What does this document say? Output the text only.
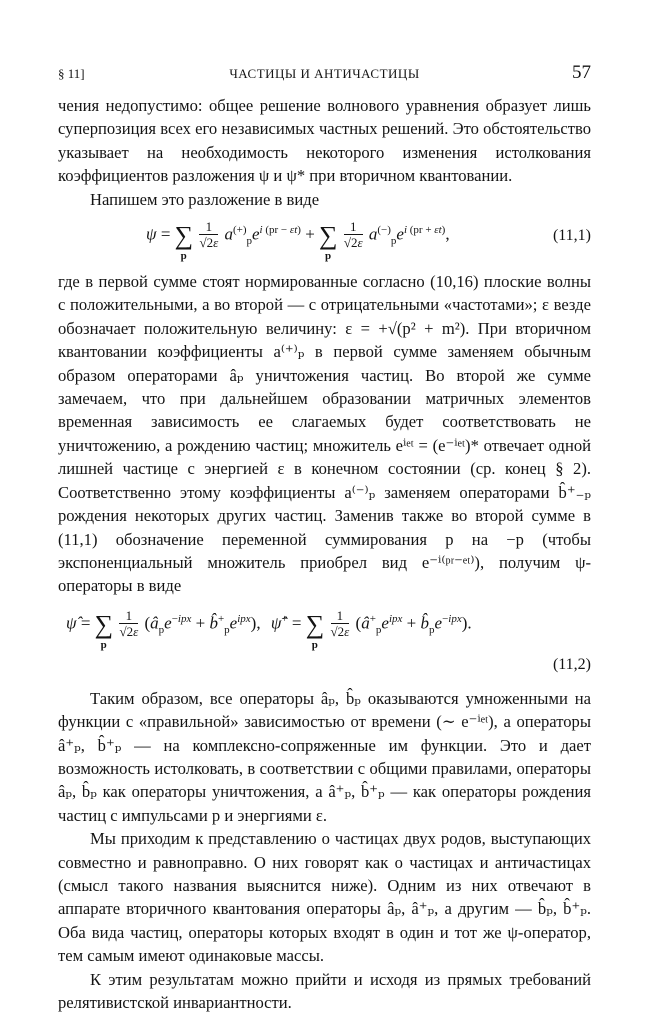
§ 11]	ЧАСТИЦЫ И АНТИЧАСТИЦЫ	57

чения недопустимо: общее решение волнового уравнения образует лишь суперпозиция всех его независимых частных решений. Это обстоятельство указывает на необходимость некоторого изменения истолкования коэффициентов разложения ψ и ψ* при вторичном квантовании.

Напишем это разложение в виде

ψ = ∑
p

$\frac{1}{√2\varepsilon} a^{(+)}_pe^{i (pr - \varepsilon t)}$ + ∑
p

$\frac{1}{√2\varepsilon} a^{(-)}_pe^{i (pr + \varepsilon t)}$,	(11,1)

где в первой сумме стоят нормированные согласно (10,16) плоские волны с положительными, а во второй — с отрицательными «частотами»; ε везде обозначает положительную величину: ε = +√(p² + m²). При вторичном квантовании коэффициенты a⁽⁺⁾ₚ в первой сумме заменяем обычным образом операторами âₚ уничтожения частиц. Во второй же сумме замечаем, что при дальнейшем образовании матричных элементов временная зависимость ее слагаемых будет соответствовать не уничтожению, а рождению частиц; множитель eⁱᵉᵗ = (e⁻ⁱᵉᵗ)* отвечает одной лишней частице с энергией ε в конечном состоянии (ср. конец § 2). Соответственно этому коэффициенты a⁽⁻⁾ₚ заменяем операторами b̂⁺₋ₚ рождения некоторых других частиц. Заменив также во второй сумме в (11,1) обозначение переменной суммирования p на −p (чтобы экспоненциальный множитель приобрел вид e⁻ⁱ⁽ᵖʳ⁻ᵉᵗ⁾), получим ψ-операторы в виде

ψ̂ = ∑
p

$\frac{1}{√2\varepsilon}$ ($â_pe^{-ipx}$ + $b̂^+_pe^{ipx}$), ψ̂+ = ∑
p

$\frac{1}{√2\varepsilon}$ ($â^+_pe^{ipx}$ + $b̂_pe^{-ipx}$).
(11,2)

Таким образом, все операторы âₚ, b̂ₚ оказываются умноженными на функции с «правильной» зависимостью от времени (∼ e⁻ⁱᵉᵗ), а операторы â⁺ₚ, b̂⁺ₚ — на комплексно-сопряженные им функции. Это и дает возможность истолковать, в соответствии с общими правилами, операторы âₚ, b̂ₚ как операторы уничтожения, а â⁺ₚ, b̂⁺ₚ — как операторы рождения частиц с импульсами p и энергиями ε.

Мы приходим к представлению о частицах двух родов, выступающих совместно и равноправно. О них говорят как о частицах и античастицах (смысл такого названия выяснится ниже). Одним из них отвечают в аппарате вторичного квантования операторы âₚ, â⁺ₚ, а другим — b̂ₚ, b̂⁺ₚ. Оба вида частиц, операторы которых входят в один и тот же ψ-оператор, тем самым имеют одинаковые массы.

К этим результатам можно прийти и исходя из прямых требований релятивистской инвариантности.
